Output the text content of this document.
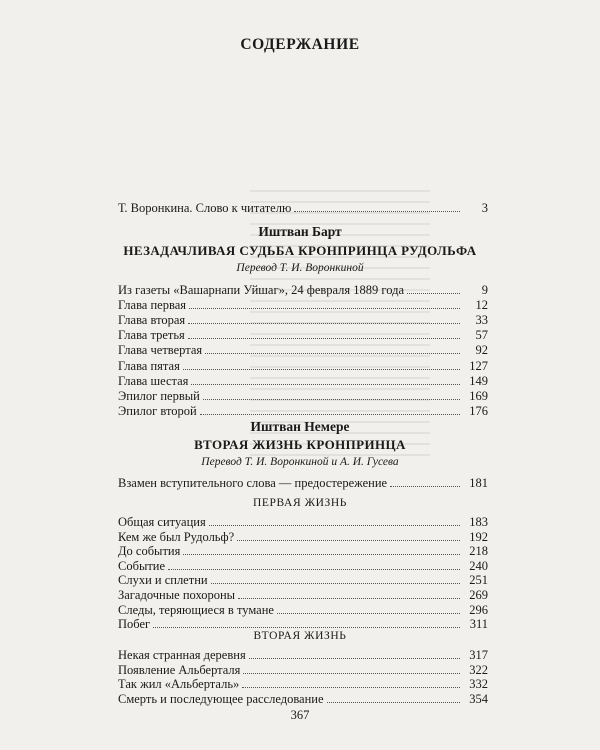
СОДЕРЖАНИЕ
Т. Воронкина. Слово к читателю	3
Иштван Барт
НЕЗАДАЧЛИВАЯ СУДЬБА КРОНПРИНЦА РУДОЛЬФА
Перевод Т. И. Воронкиной
Из газеты «Вашарнапи Уйшаг», 24 февраля 1889 года	9
Глава первая	12
Глава вторая	33
Глава третья	57
Глава четвертая	92
Глава пятая	127
Глава шестая	149
Эпилог первый	169
Эпилог второй	176
Иштван Немере
ВТОРАЯ ЖИЗНЬ КРОНПРИНЦА
Перевод Т. И. Воронкиной и А. И. Гусева
Взамен вступительного слова — предостережение	181
ПЕРВАЯ ЖИЗНЬ
Общая ситуация	183
Кем же был Рудольф?	192
До события	218
Событие	240
Слухи и сплетни	251
Загадочные похороны	269
Следы, теряющиеся в тумане	296
Побег	311
ВТОРАЯ ЖИЗНЬ
Некая странная деревня	317
Появление Альберталя	322
Так жил «Альберталь»	332
Смерть и последующее расследование	354
367
